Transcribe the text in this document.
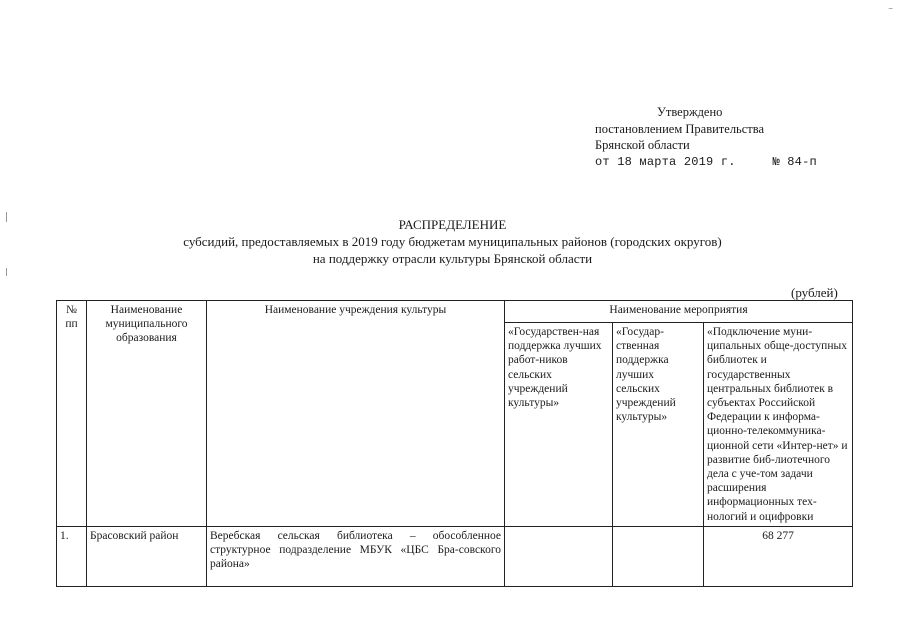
⁻
Утверждено
постановлением Правительства
Брянской области
от 18 марта 2019 г.	№ 84-п
РАСПРЕДЕЛЕНИЕ
субсидий, предоставляемых в 2019 году бюджетам муниципальных районов (городских округов)
на поддержку отрасли культуры Брянской области
(рублей)
№ пп	Наименование муниципального образования	Наименование учреждения культуры	Наименование мероприятия		
			«Государствен-ная поддержка лучших работ-ников сельских учреждений культуры»	«Государ-ственная поддержка лучших сельских учреждений культуры»	«Подключение муни-ципальных обще-доступных библиотек и государственных центральных библиотек в субъектах Российской Федерации к информа-ционно-телекоммуника-ционной сети «Интер-нет» и развитие биб-лиотечного дела с уче-том задачи расширения информационных тех-нологий и оцифровки
1.	Брасовский район	Веребская сельская библиотека – обособленное структурное подразделение МБУК «ЦБС Бра-совского района»			68 277
